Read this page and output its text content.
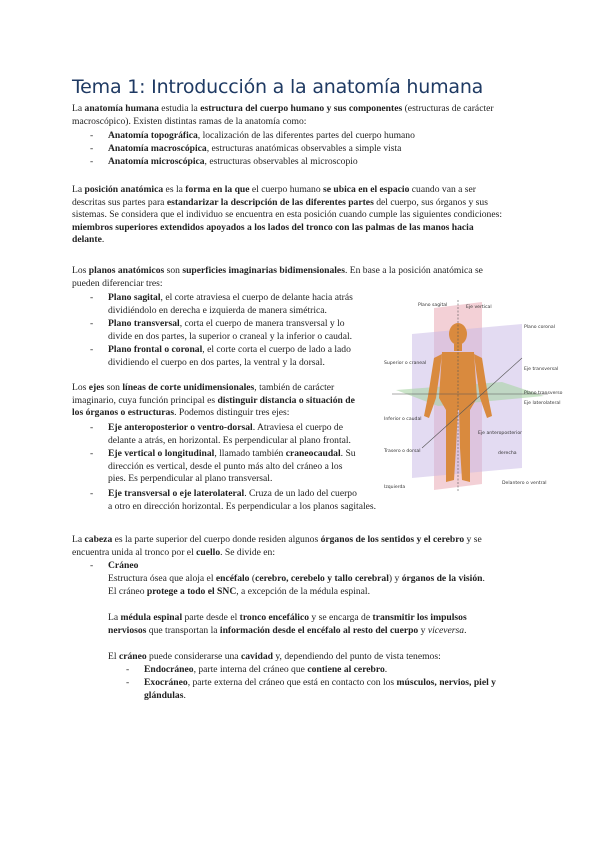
Tema 1: Introducción a la anatomía humana
La anatomía humana estudia la estructura del cuerpo humano y sus componentes (estructuras de carácter
macroscópico). Existen distintas ramas de la anatomía como:
- Anatomía topográfica, localización de las diferentes partes del cuerpo humano
- Anatomía macroscópica, estructuras anatómicas observables a simple vista
- Anatomía microscópica, estructuras observables al microscopio
La posición anatómica es la forma en la que el cuerpo humano se ubica en el espacio cuando van a ser
descritas sus partes para estandarizar la descripción de las diferentes partes del cuerpo, sus órganos y sus
sistemas. Se considera que el individuo se encuentra en esta posición cuando cumple las siguientes condiciones:
miembros superiores extendidos apoyados a los lados del tronco con las palmas de las manos hacia
delante.
Los planos anatómicos son superficies imaginarias bidimensionales. En base a la posición anatómica se
pueden diferenciar tres:
- Plano sagital, el corte atraviesa el cuerpo de delante hacia atrás
dividiéndolo en derecha e izquierda de manera simétrica.
- Plano transversal, corta el cuerpo de manera transversal y lo
divide en dos partes, la superior o craneal y la inferior o caudal.
- Plano frontal o coronal, el corte corta el cuerpo de lado a lado
dividiendo el cuerpo en dos partes, la ventral y la dorsal.
Los ejes son líneas de corte unidimensionales, también de carácter
imaginario, cuya función principal es distinguir distancia o situación de
los órganos o estructuras. Podemos distinguir tres ejes:
- Eje anteroposterior o ventro-dorsal. Atraviesa el cuerpo de
delante a atrás, en horizontal. Es perpendicular al plano frontal.
- Eje vertical o longitudinal, llamado también craneocaudal. Su
dirección es vertical, desde el punto más alto del cráneo a los
pies. Es perpendicular al plano transversal.
- Eje transversal o eje laterolateral. Cruza de un lado del cuerpo
a otro en dirección horizontal. Es perpendicular a los planos sagitales.
Plano sagital	Eje vertical
Plano coronal
Superior o craneal
Eje transversal
Plano transverso
Eje laterolateral
Inferior o caudal
Trasero o dorsal	derecha
Izquierda
Delantero o ventral
Eje anteroposterior
La cabeza es la parte superior del cuerpo donde residen algunos órganos de los sentidos y el cerebro y se
encuentra unida al tronco por el cuello. Se divide en:
- Cráneo
Estructura ósea que aloja el encéfalo (cerebro, cerebelo y tallo cerebral) y órganos de la visión.
El cráneo protege a todo el SNC, a excepción de la médula espinal.
La médula espinal parte desde el tronco encefálico y se encarga de transmitir los impulsos
nerviosos que transportan la información desde el encéfalo al resto del cuerpo y viceversa.
El cráneo puede considerarse una cavidad y, dependiendo del punto de vista tenemos:
- Endocráneo, parte interna del cráneo que contiene al cerebro.
- Exocráneo, parte externa del cráneo que está en contacto con los músculos, nervios, piel y
glándulas.
